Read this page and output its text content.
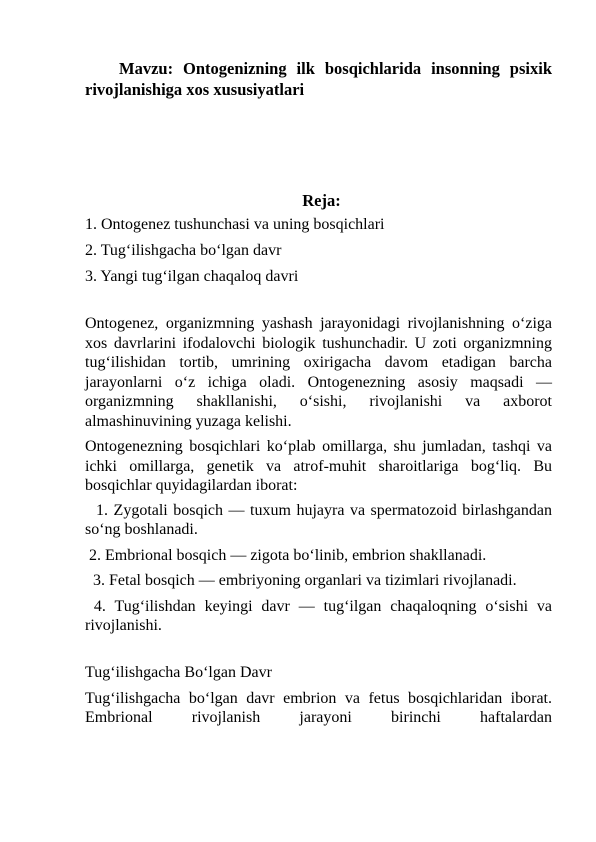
Mavzu: Ontogenizning ilk bosqichlarida insonning psixik rivojlanishiga xos xususiyatlari

Reja:
1. Ontogenez tushunchasi va uning bosqichlari
2. Tug‘ilishgacha bo‘lgan davr
3. Yangi tug‘ilgan chaqaloq davri

Ontogenez, organizmning yashash jarayonidagi rivojlanishning o‘ziga xos davrlarini ifodalovchi biologik tushunchadir. U zoti organizmning tug‘ilishidan tortib, umrining oxirigacha davom etadigan barcha jarayonlarni o‘z ichiga oladi. Ontogenezning asosiy maqsadi — organizmning shakllanishi, o‘sishi, rivojlanishi va axborot almashinuvining yuzaga kelishi.

Ontogenezning bosqichlari ko‘plab omillarga, shu jumladan, tashqi va ichki omillarga, genetik va atrof-muhit sharoitlariga bog‘liq. Bu bosqichlar quyidagilardan iborat:

1. Zygotali bosqich — tuxum hujayra va spermatozoid birlashgandan so‘ng boshlanadi.

2. Embrional bosqich — zigota bo‘linib, embrion shakllanadi.

3. Fetal bosqich — embriyoning organlari va tizimlari rivojlanadi.

4. Tug‘ilishdan keyingi davr — tug‘ilgan chaqaloqning o‘sishi va rivojlanishi.

Tug‘ilishgacha Bo‘lgan Davr

Tug‘ilishgacha bo‘lgan davr embrion va fetus bosqichlaridan iborat. Embrional rivojlanish jarayoni birinchi haftalardan
